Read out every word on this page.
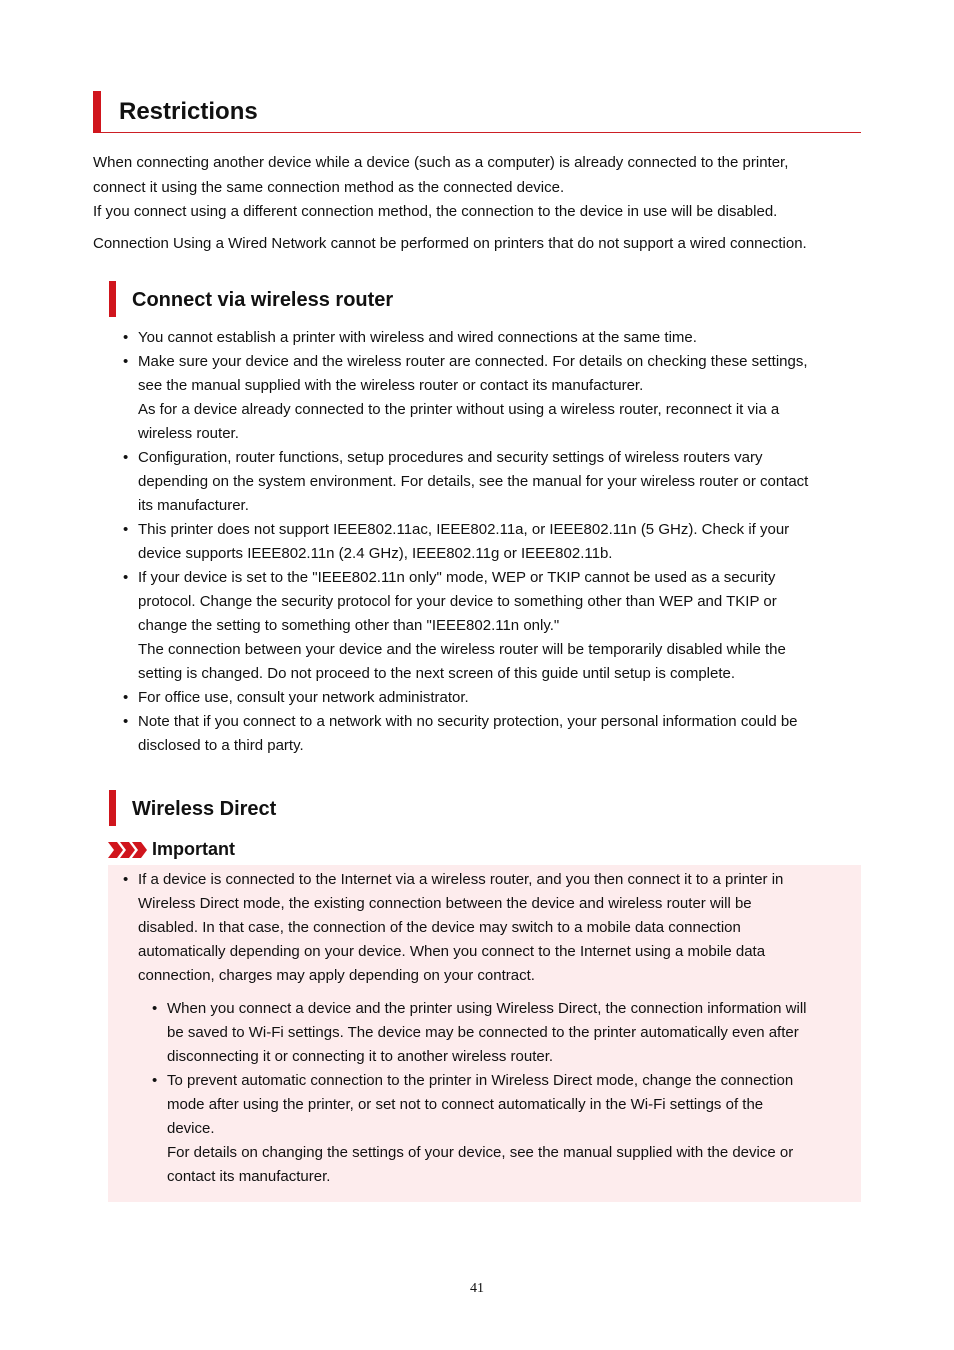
Restrictions

When connecting another device while a device (such as a computer) is already connected to the printer,
connect it using the same connection method as the connected device.
If you connect using a different connection method, the connection to the device in use will be disabled.

Connection Using a Wired Network cannot be performed on printers that do not support a wired connection.

Connect via wireless router
• You cannot establish a printer with wireless and wired connections at the same time.
• Make sure your device and the wireless router are connected. For details on checking these settings,
see the manual supplied with the wireless router or contact its manufacturer.
As for a device already connected to the printer without using a wireless router, reconnect it via a
wireless router.
• Configuration, router functions, setup procedures and security settings of wireless routers vary
depending on the system environment. For details, see the manual for your wireless router or contact
its manufacturer.
• This printer does not support IEEE802.11ac, IEEE802.11a, or IEEE802.11n (5 GHz). Check if your
device supports IEEE802.11n (2.4 GHz), IEEE802.11g or IEEE802.11b.
• If your device is set to the "IEEE802.11n only" mode, WEP or TKIP cannot be used as a security
protocol. Change the security protocol for your device to something other than WEP and TKIP or
change the setting to something other than "IEEE802.11n only."
The connection between your device and the wireless router will be temporarily disabled while the
setting is changed. Do not proceed to the next screen of this guide until setup is complete.
• For office use, consult your network administrator.
• Note that if you connect to a network with no security protection, your personal information could be
disclosed to a third party.
Wireless Direct
Important
• If a device is connected to the Internet via a wireless router, and you then connect it to a printer in
Wireless Direct mode, the existing connection between the device and wireless router will be
disabled. In that case, the connection of the device may switch to a mobile data connection
automatically depending on your device. When you connect to the Internet using a mobile data
connection, charges may apply depending on your contract.
• When you connect a device and the printer using Wireless Direct, the connection information will
be saved to Wi-Fi settings. The device may be connected to the printer automatically even after
disconnecting it or connecting it to another wireless router.
• To prevent automatic connection to the printer in Wireless Direct mode, change the connection
mode after using the printer, or set not to connect automatically in the Wi-Fi settings of the
device.
For details on changing the settings of your device, see the manual supplied with the device or
contact its manufacturer.
41
